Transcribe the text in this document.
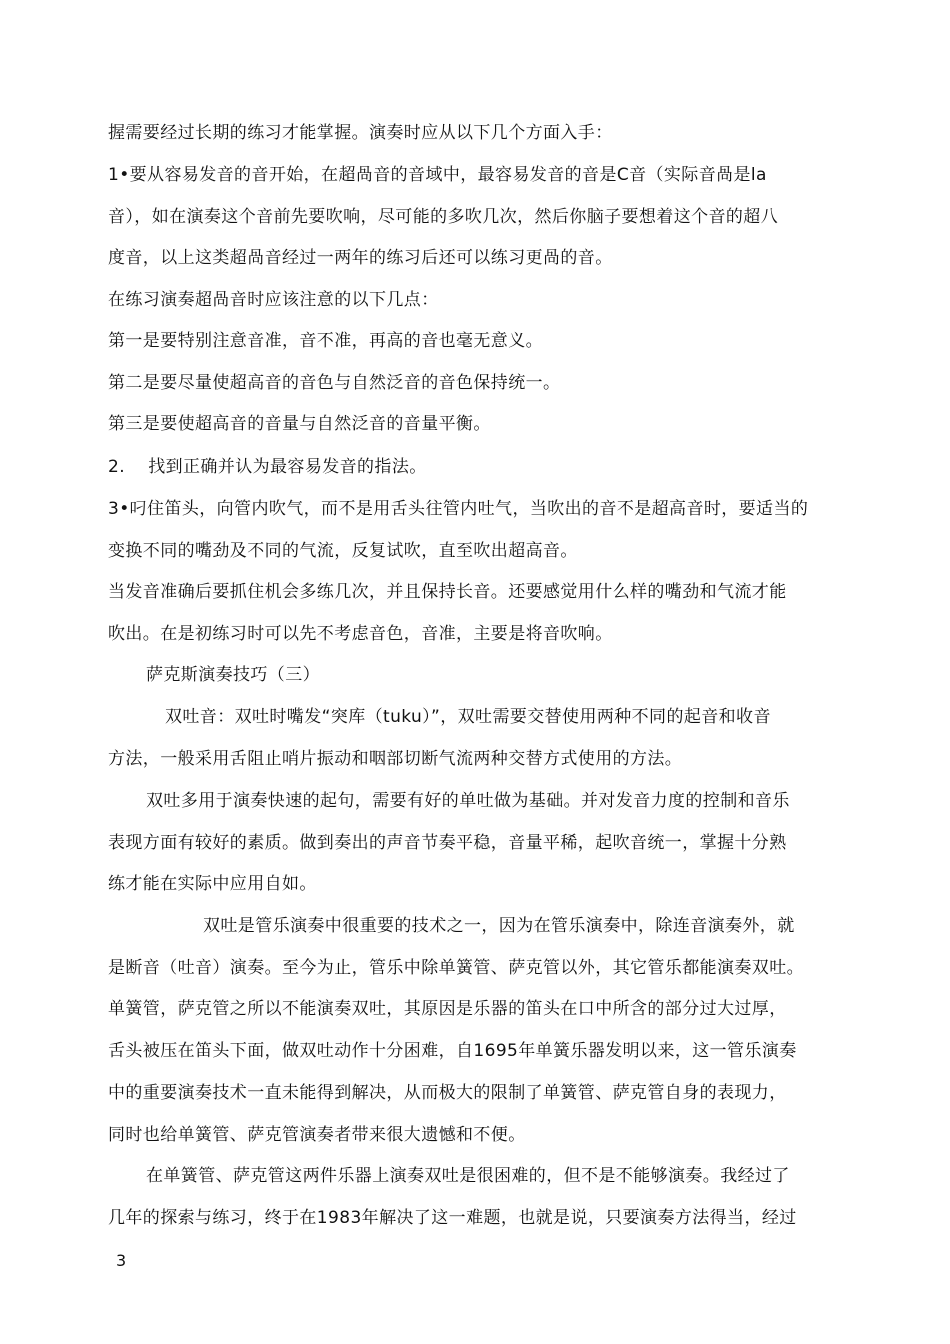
握需要经过长期的练习才能掌握。演奏时应从以下几个方面入手：
1•要从容易发音的音开始，在超咼音的音域中，最容易发音的音是C音（实际音咼是la
音），如在演奏这个音前先要吹响，尽可能的多吹几次，然后你脑子要想着这个音的超八
度音，以上这类超咼音经过一两年的练习后还可以练习更咼的音。
在练习演奏超咼音时应该注意的以下几点：
第一是要特别注意音准，音不准，再高的音也毫无意义。
第二是要尽量使超高音的音色与自然泛音的音色保持统一。
第三是要使超高音的音量与自然泛音的音量平衡。
2.    找到正确并认为最容易发音的指法。
3•叼住笛头，向管内吹气，而不是用舌头往管内吐气，当吹出的音不是超高音时，要适当的
变换不同的嘴劲及不同的气流，反复试吹，直至吹出超高音。
当发音准确后要抓住机会多练几次，并且保持长音。还要感觉用什么样的嘴劲和气流才能
吹出。在是初练习时可以先不考虑音色，音准，主要是将音吹响。
萨克斯演奏技巧（三）
双吐音：双吐时嘴发“突库（tuku）”，双吐需要交替使用两种不同的起音和收音
方法，一般采用舌阻止哨片振动和咽部切断气流两种交替方式使用的方法。
双吐多用于演奏快速的起句，需要有好的单吐做为基础。并对发音力度的控制和音乐
表现方面有较好的素质。做到奏出的声音节奏平稳，音量平稀，起吹音统一，掌握十分熟
练才能在实际中应用自如。
双吐是管乐演奏中很重要的技术之一，因为在管乐演奏中，除连音演奏外，就
是断音（吐音）演奏。至今为止，管乐中除单簧管、萨克管以外，其它管乐都能演奏双吐。
单簧管，萨克管之所以不能演奏双吐，其原因是乐器的笛头在口中所含的部分过大过厚，
舌头被压在笛头下面，做双吐动作十分困难，自1695年单簧乐器发明以来，这一管乐演奏
中的重要演奏技术一直未能得到解决，从而极大的限制了单簧管、萨克管自身的表现力，
同时也给单簧管、萨克管演奏者带来很大遗憾和不便。
在单簧管、萨克管这两件乐器上演奏双吐是很困难的，但不是不能够演奏。我经过了
几年的探索与练习，终于在1983年解决了这一难题，也就是说，只要演奏方法得当，经过
3
